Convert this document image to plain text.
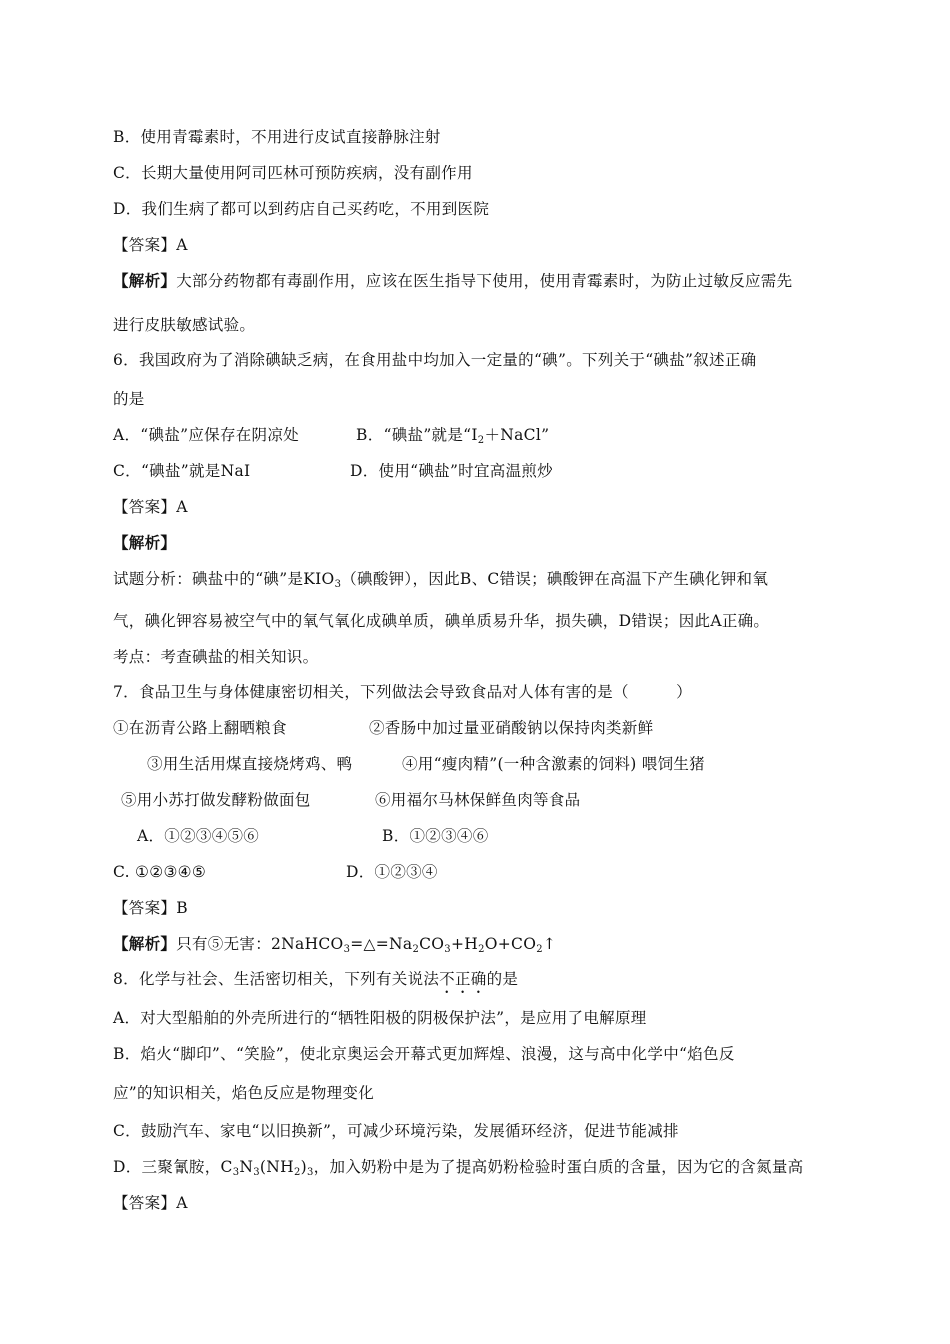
B．使用青霉素时，不用进行皮试直接静脉注射
C．长期大量使用阿司匹林可预防疾病，没有副作用
D．我们生病了都可以到药店自己买药吃，不用到医院
【答案】A
【解析】大部分药物都有毒副作用，应该在医生指导下使用，使用青霉素时，为防止过敏反应需先
进行皮肤敏感试验。
6．我国政府为了消除碘缺乏病，在食用盐中均加入一定量的“碘”。下列关于“碘盐”叙述正确
的是
A．“碘盐”应保存在阴凉处	B．“碘盐”就是“$I_2+NaCl$”
C．“碘盐”就是NaI	D．使用“碘盐”时宜高温煎炒
【答案】A
【解析】
试题分析：碘盐中的“碘”是$KIO_3$（碘酸钾），因此B、C错误；碘酸钾在高温下产生碘化钾和氧
气，碘化钾容易被空气中的氧气氧化成碘单质，碘单质易升华，损失碘，D错误；因此A正确。
考点：考查碘盐的相关知识。
7．食品卫生与身体健康密切相关，下列做法会导致食品对人体有害的是（　　　）
①在沥青公路上翻晒粮食	②香肠中加过量亚硝酸钠以保持肉类新鲜
③用生活用煤直接烧烤鸡、鸭	④用“瘦肉精”(一种含激素的饲料) 喂饲生猪
⑤用小苏打做发酵粉做面包	⑥用福尔马林保鲜鱼肉等食品
A．①②③④⑤⑥	B．①②③④⑥
C. ①②③④⑤	D．①②③④
【答案】B
【解析】只有⑤无害：$2NaHCO_3=\triangle=Na_2CO_3+H_2O+CO_2↑$
8．化学与社会、生活密切相关，下列有关说法不正确的是
A．对大型船舶的外壳所进行的“牺牲阳极的阴极保护法”，是应用了电解原理
B．焰火“脚印”、“笑脸”，使北京奥运会开幕式更加辉煌、浪漫，这与高中化学中“焰色反
应”的知识相关，焰色反应是物理变化
C．鼓励汽车、家电“以旧换新”，可减少环境污染，发展循环经济，促进节能减排
D．三聚氰胺，$C_3N_3(NH_2)_3$，加入奶粉中是为了提高奶粉检验时蛋白质的含量，因为它的含氮量高
【答案】A
